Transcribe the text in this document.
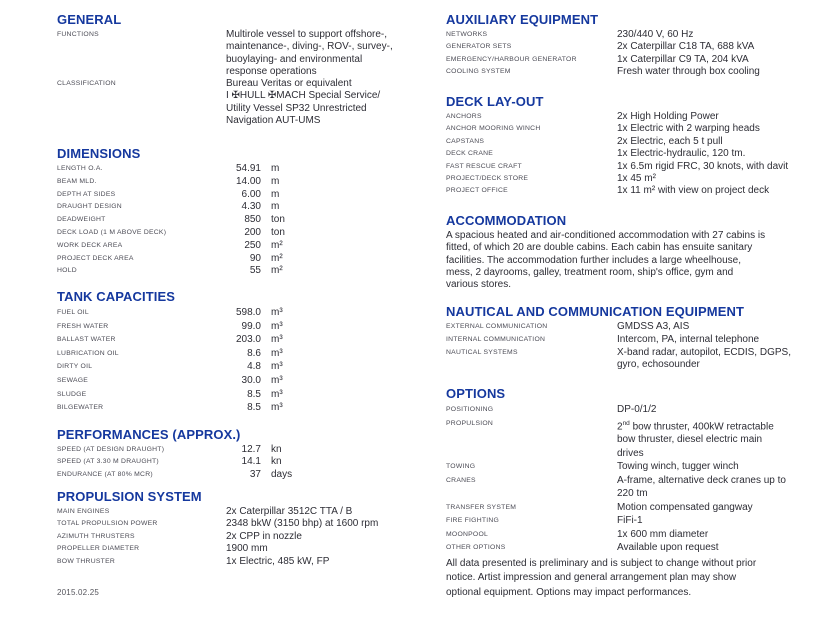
GENERAL
FUNCTIONS	Multirole vessel to support offshore-,
maintenance-, diving-, ROV-, survey-,
buoylaying- and environmental
response operations
CLASSIFICATION	Bureau Veritas or equivalent
I ✠HULL ✠MACH Special Service/
Utility Vessel SP32 Unrestricted
Navigation AUT-UMS
DIMENSIONS
LENGTH O.A.	54.91	m
BEAM MLD.	14.00	m
DEPTH AT SIDES	6.00	m
DRAUGHT DESIGN	4.30	m
DEADWEIGHT	850	ton
DECK LOAD (1 M ABOVE DECK)	200	ton
WORK DECK AREA	250	m²
PROJECT DECK AREA	90	m²
HOLD	55	m²
TANK CAPACITIES
FUEL OIL	598.0	m³
FRESH WATER	99.0	m³
BALLAST WATER	203.0	m³
LUBRICATION OIL	8.6	m³
DIRTY OIL	4.8	m³
SEWAGE	30.0	m³
SLUDGE	8.5	m³
BILGEWATER	8.5	m³
PERFORMANCES (APPROX.)
SPEED (AT DESIGN DRAUGHT)	12.7	kn
SPEED (AT 3.30 M DRAUGHT)	14.1	kn
ENDURANCE (AT 80% MCR)	37	days
PROPULSION SYSTEM
MAIN ENGINES	2x Caterpillar 3512C TTA / B
TOTAL PROPULSION POWER	2348 bkW (3150 bhp) at 1600 rpm
AZIMUTH THRUSTERS	2x CPP in nozzle
PROPELLER DIAMETER	1900 mm
BOW THRUSTER	1x Electric, 485 kW, FP
AUXILIARY EQUIPMENT
NETWORKS	230/440 V, 60 Hz
GENERATOR SETS	2x Caterpillar C18 TA, 688 kVA
EMERGENCY/HARBOUR GENERATOR	1x Caterpillar C9 TA, 204 kVA
COOLING SYSTEM	Fresh water through box cooling
DECK LAY-OUT
ANCHORS	2x High Holding Power
ANCHOR MOORING WINCH	1x Electric with 2 warping heads
CAPSTANS	2x Electric, each 5 t pull
DECK CRANE	1x Electric-hydraulic, 120 tm.
FAST RESCUE CRAFT	1x 6.5m rigid FRC, 30 knots, with davit
PROJECT/DECK STORE	1x 45 m²
PROJECT OFFICE	1x 11 m² with view on project deck
ACCOMMODATION
A spacious heated and air-conditioned accommodation with 27 cabins is
fitted, of which 20 are double cabins. Each cabin has ensuite sanitary
facilities. The accommodation further includes a large wheelhouse,
mess, 2 dayrooms, galley, treatment room, ship's office, gym and
various stores.
NAUTICAL AND COMMUNICATION EQUIPMENT
EXTERNAL COMMUNICATION	GMDSS A3, AIS
INTERNAL COMMUNICATION	Intercom, PA, internal telephone
NAUTICAL SYSTEMS	X-band radar, autopilot, ECDIS, DGPS,
gyro, echosounder
OPTIONS
POSITIONING	DP-0/1/2
PROPULSION	2nd bow thruster, 400kW retractable
bow thruster, diesel electric main
drives
TOWING	Towing winch, tugger winch
CRANES	A-frame, alternative deck cranes up to
220 tm
TRANSFER SYSTEM	Motion compensated gangway
FIRE FIGHTING	FiFi-1
MOONPOOL	1x 600 mm diameter
OTHER OPTIONS	Available upon request
All data presented is preliminary and is subject to change without prior
notice. Artist impression and general arrangement plan may show
optional equipment. Options may impact performances.
2015.02.25
